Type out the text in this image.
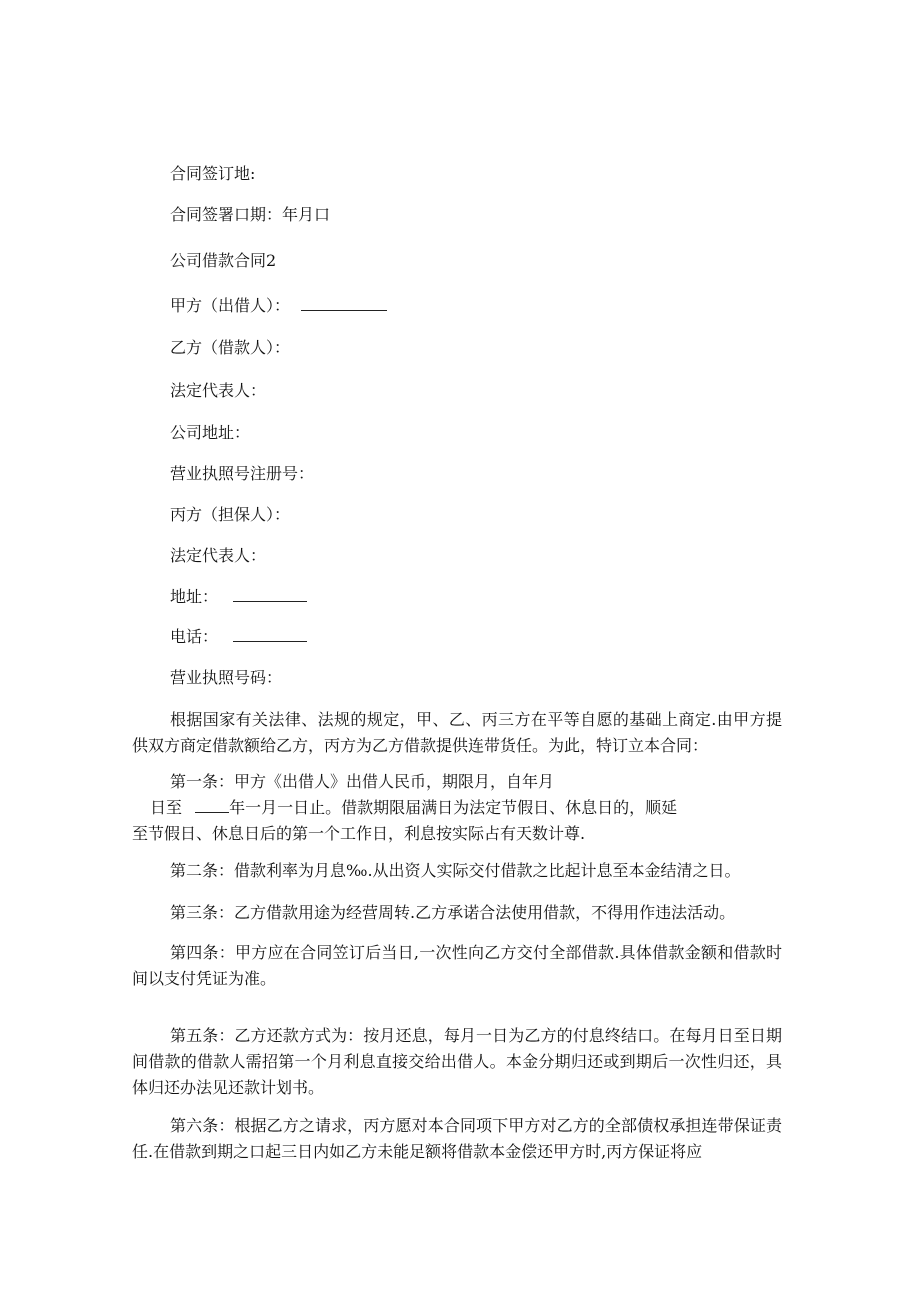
合同签订地:
合同签署口期：年月口
公司借款合同2
甲方（出借人）：
乙方（借款人）：
法定代表人：
公司地址：
营业执照号注册号：
丙方（担保人）：
法定代表人：
地址：
电话：
营业执照号码：
根据国家有关法律、法规的规定，甲、乙、丙三方在平等自愿的基础上商定.由甲方提供双方商定借款额给乙方，丙方为乙方借款提供连带货任。为此，特订立本合同：
第一条：甲方《出借人》出借人民币，期限月，自年月
日至	年一月一日止。借款期限届满日为法定节假日、休息日的，顺延
至节假日、休息日后的第一个工作日，利息按实际占有天数计尊.
第二条：借款利率为月息‰.从出资人实际交付借款之比起计息至本金结清之日。
第三条：乙方借款用途为经营周转.乙方承诺合法使用借款，不得用作违法活动。
第四条：甲方应在合同笠订后当日,一次性向乙方交付全部借款.具体借款金额和借款时间以支付凭证为准。
第五条：乙方还款方式为：按月还息，每月一日为乙方的付息终结口。在每月日至日期间借款的借款人需招第一个月利息直接交给出借人。本金分期归还或到期后一次性归还，具体归还办法见还款计划书。
第六条：根据乙方之请求，丙方愿对本合同项下甲方对乙方的全部债权承担连带保证责任.在借款到期之口起三日内如乙方未能足额将借款本金偿还甲方时,丙方保证将应
